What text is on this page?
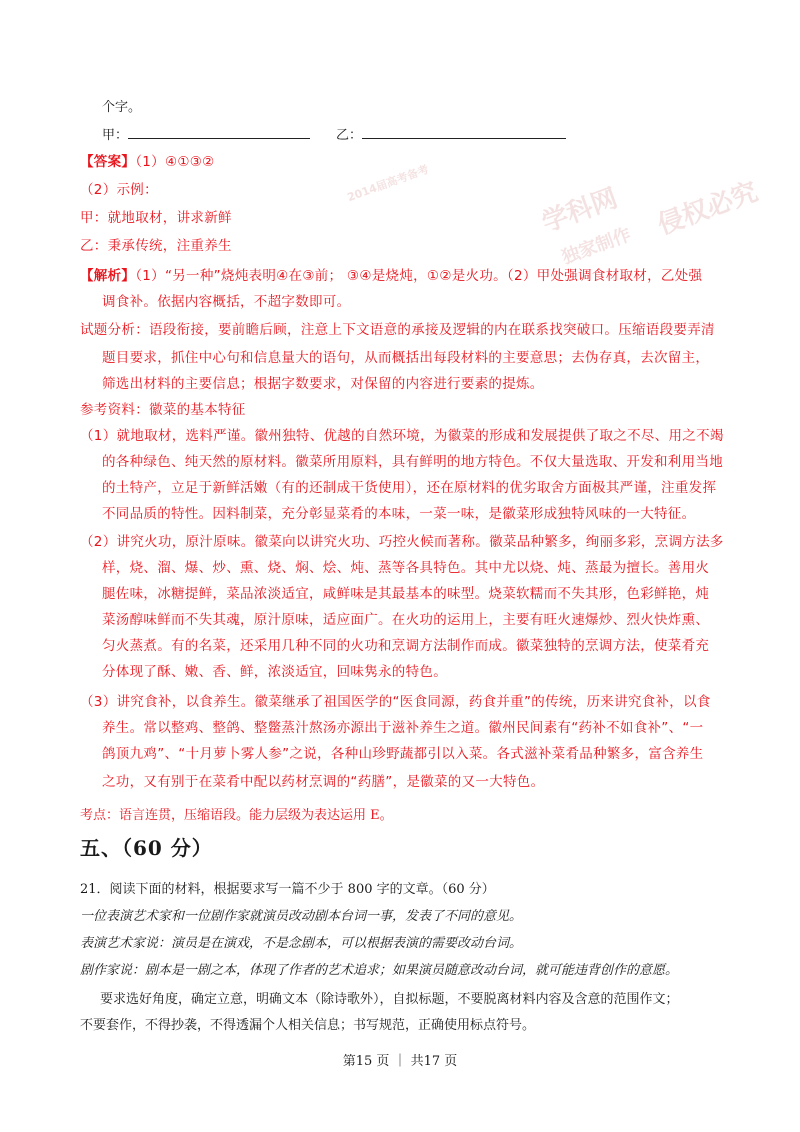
学科网 侵权必究
独家制作
2014届高考备考
个字。
甲：	乙：
【答案】（1）④①③②
（2）示例：
甲：就地取材，讲求新鲜
乙：秉承传统，注重养生
【解析】（1）“另一种”烧炖表明④在③前； ③④是烧炖，①②是火功。（2）甲处强调食材取材，乙处强
调食补。依据内容概括，不超字数即可。
试题分析：语段衔接，要前瞻后顾，注意上下文语意的承接及逻辑的内在联系找突破口。压缩语段要弄清
题目要求，抓住中心句和信息量大的语句，从而概括出每段材料的主要意思；去伪存真，去次留主，
筛选出材料的主要信息；根据字数要求，对保留的内容进行要素的提炼。
参考资料：徽菜的基本特征
（1）就地取材，选料严谨。徽州独特、优越的自然环境，为徽菜的形成和发展提供了取之不尽、用之不竭
的各种绿色、纯天然的原材料。徽菜所用原料，具有鲜明的地方特色。不仅大量选取、开发和利用当地
的土特产，立足于新鲜活嫩（有的还制成干货使用），还在原材料的优劣取舍方面极其严谨，注重发挥
不同品质的特性。因料制菜，充分彰显菜肴的本味，一菜一味，是徽菜形成独特风味的一大特征。
（2）讲究火功，原汁原味。徽菜向以讲究火功、巧控火候而著称。徽菜品种繁多，绚丽多彩，烹调方法多
样，烧、溜、爆、炒、熏、烧、焖、烩、炖、蒸等各具特色。其中尤以烧、炖、蒸最为擅长。善用火
腿佐味，冰糖提鲜，菜品浓淡适宜，咸鲜味是其最基本的味型。烧菜软糯而不失其形，色彩鲜艳，炖
菜汤醇味鲜而不失其魂，原汁原味，适应面广。在火功的运用上，主要有旺火速爆炒、烈火快炸熏、
匀火蒸煮。有的名菜，还采用几种不同的火功和烹调方法制作而成。徽菜独特的烹调方法，使菜肴充
分体现了酥、嫩、香、鲜，浓淡适宜，回味隽永的特色。
（3）讲究食补，以食养生。徽菜继承了祖国医学的“医食同源，药食并重”的传统，历来讲究食补，以食
养生。常以整鸡、整鸽、整鳖蒸汁熬汤亦源出于滋补养生之道。徽州民间素有“药补不如食补”、“一
鸽顶九鸡”、“十月萝卜雾人参”之说，各种山珍野蔬都引以入菜。各式滋补菜肴品种繁多，富含养生
之功，又有别于在菜肴中配以药材烹调的“药膳”，是徽菜的又一大特色。
考点：语言连贯，压缩语段。能力层级为表达运用 E。
五、（60 分）
21．阅读下面的材料，根据要求写一篇不少于 800 字的文章。（60 分）
一位表演艺术家和一位剧作家就演员改动剧本台词一事，发表了不同的意见。
表演艺术家说：演员是在演戏，不是念剧本，可以根据表演的需要改动台词。
剧作家说：剧本是一剧之本，体现了作者的艺术追求；如果演员随意改动台词，就可能违背创作的意愿。
要求选好角度，确定立意，明确文本（除诗歌外），自拟标题，不要脱离材料内容及含意的范围作文；
不要套作，不得抄袭，不得透漏个人相关信息；书写规范，正确使用标点符号。
第15 页 ｜ 共17 页
